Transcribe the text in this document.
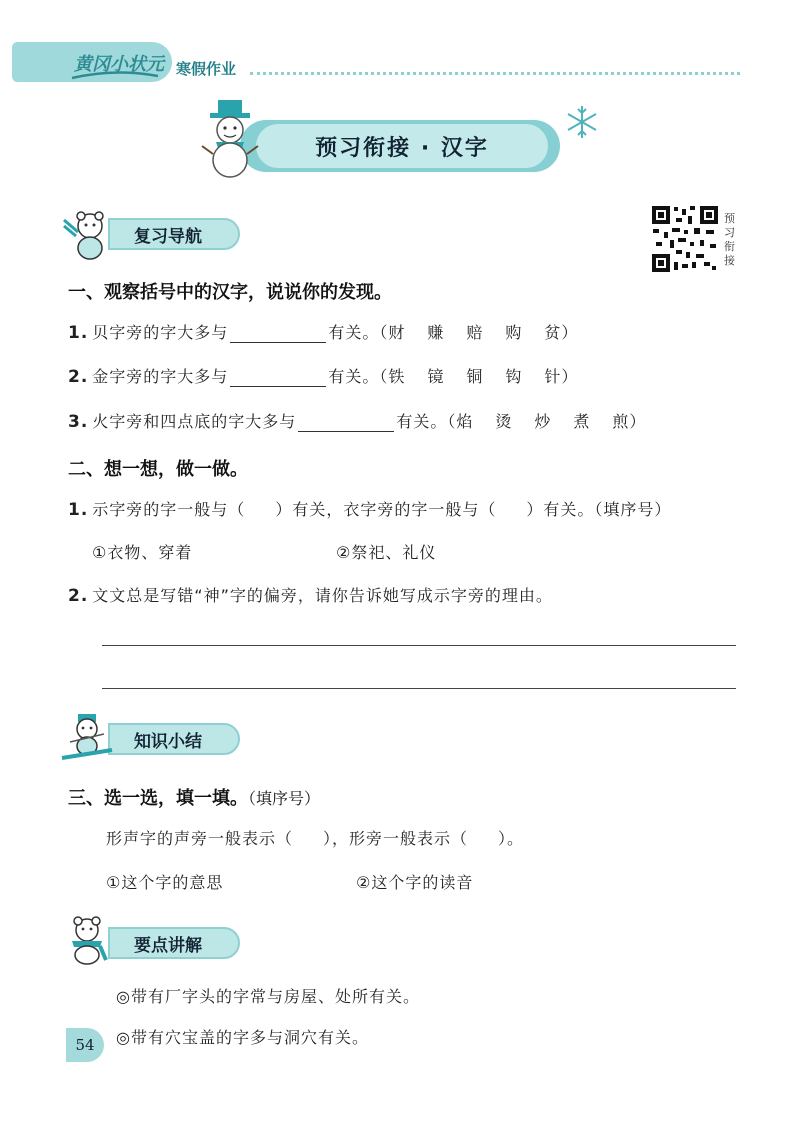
黄冈小状元 寒假作业
预习衔接 · 汉字
预习衔接
复习导航
一、观察括号中的汉字，说说你的发现。
1. 贝字旁的字大多与	有关。（财 赚 赔 购 贫）
2. 金字旁的字大多与	有关。（铁 镜 铜 钩 针）
3. 火字旁和四点底的字大多与	有关。（焰 烫 炒 煮 煎）
二、想一想，做一做。
1. 示字旁的字一般与（ ）有关，衣字旁的字一般与（ ）有关。（填序号）
①衣物、穿着	②祭祀、礼仪
2. 文文总是写错“神”字的偏旁，请你告诉她写成示字旁的理由。
知识小结
三、选一选，填一填。（填序号）
形声字的声旁一般表示（ ），形旁一般表示（ ）。
①这个字的意思	②这个字的读音
要点讲解
◎带有厂字头的字常与房屋、处所有关。
◎带有穴宝盖的字多与洞穴有关。
54
